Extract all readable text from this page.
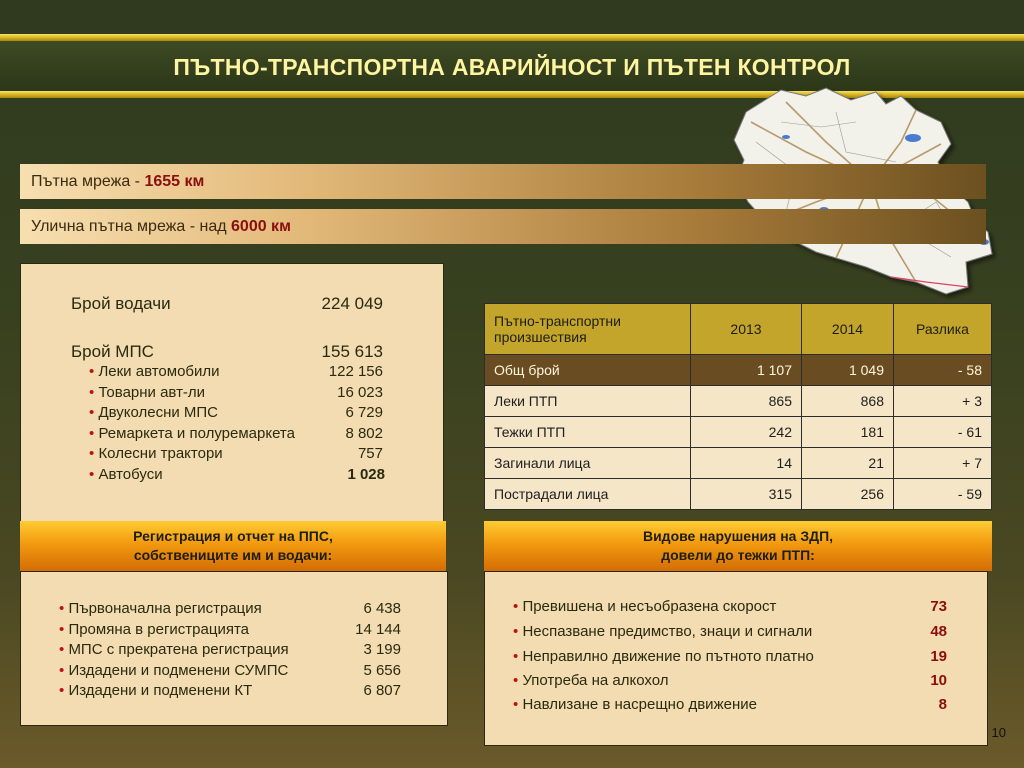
ПЪТНО-ТРАНСПОРТНА АВАРИЙНОСТ И ПЪТЕН КОНТРОЛ
Пътна мрежа - 1655 км
Улична пътна мрежа - над 6000 км
Брой водачи	224 049
Брой МПС	155 613
• Леки автомобили	122 156
• Товарни авт-ли	16 023
• Двуколесни МПС	6 729
• Ремаркета и полуремаркета	8 802
• Колесни трактори	757
• Автобуси	1 028
Пътно-транспортни
произшествия	2013	2014	Разлика
Общ брой	1 107	1 049	- 58
Леки ПТП	865	868	+ 3
Тежки ПТП	242	181	- 61
Загинали лица	14	21	+ 7
Пострадали лица	315	256	- 59
Регистрация и отчет на ППС,
собствениците им и водачи:
• Първоначална регистрация	6 438
• Промяна в регистрацията	14 144
• МПС с прекратена регистрация	3 199
• Издадени и подменени СУМПС	5 656
• Издадени и подменени КТ	6 807
Видове нарушения на ЗДП,
довели до тежки ПТП:
• Превишена и несъобразена скорост	73
• Неспазване предимство, знаци и сигнали	48
• Неправилно движение по пътното платно	19
• Употреба на алкохол	10
• Навлизане в насрещно движение	8
10
